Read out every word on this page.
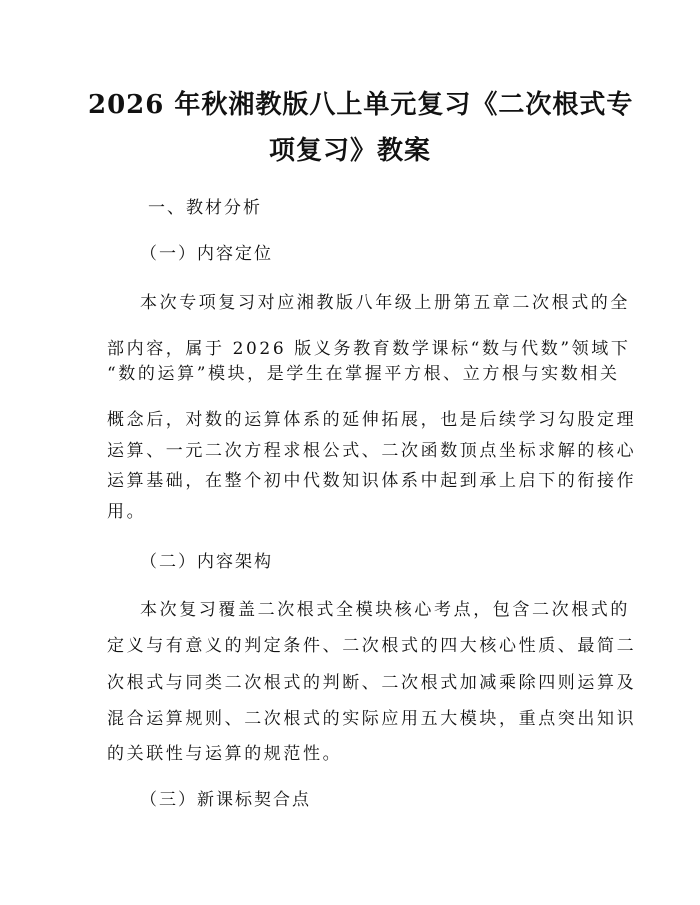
2026 年秋湘教版八上单元复习《二次根式专
项复习》教案
一、教材分析
（一）内容定位

本次专项复习对应湘教版八年级上册第五章二次根式的全

部内容，属于 2026 版义务教育数学课标“数与代数”领域下

“数的运算”模块，是学生在掌握平方根、立方根与实数相关

概念后，对数的运算体系的延伸拓展，也是后续学习勾股定理

运算、一元二次方程求根公式、二次函数顶点坐标求解的核心

运算基础，在整个初中代数知识体系中起到承上启下的衔接作

用。

（二）内容架构

本次复习覆盖二次根式全模块核心考点，包含二次根式的

定义与有意义的判定条件、二次根式的四大核心性质、最简二

次根式与同类二次根式的判断、二次根式加减乘除四则运算及

混合运算规则、二次根式的实际应用五大模块，重点突出知识

的关联性与运算的规范性。

（三）新课标契合点
